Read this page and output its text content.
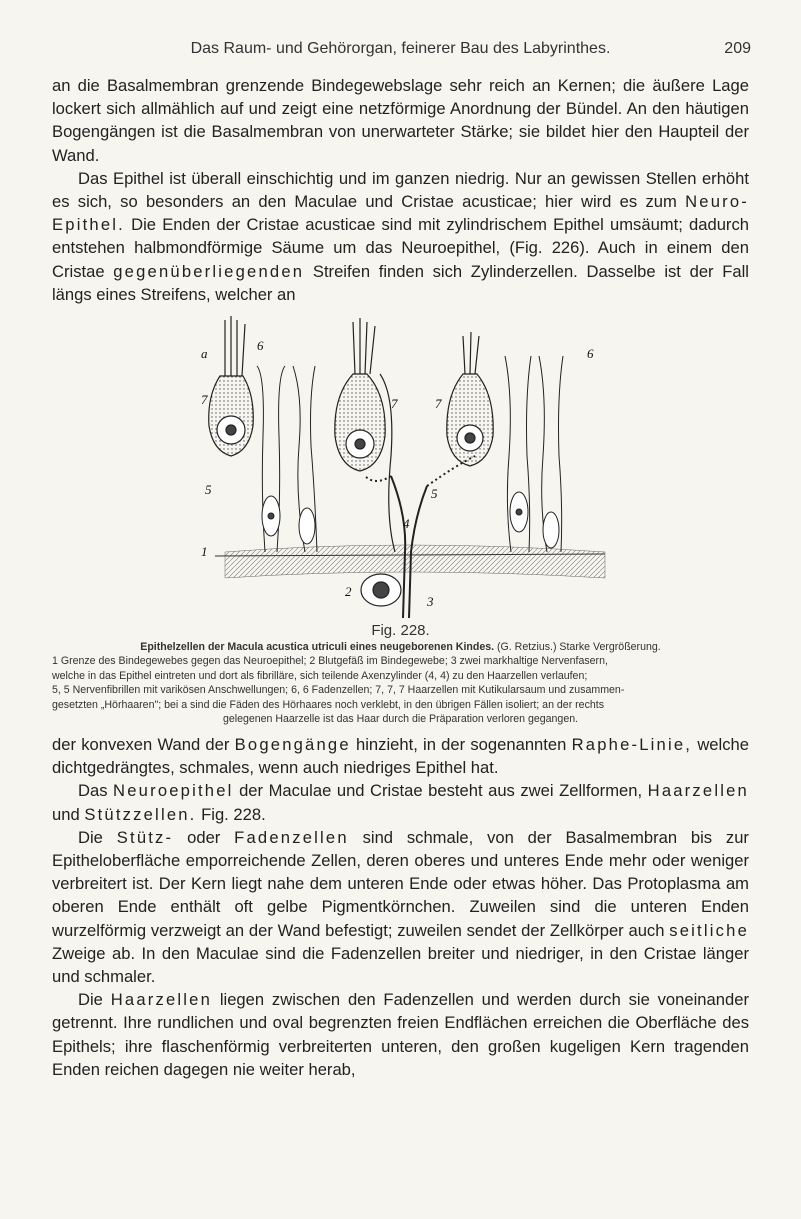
Das Raum- und Gehörorgan, feinerer Bau des Labyrinthes.	209

an die Basalmembran grenzende Bindegewebslage sehr reich an Kernen; die äußere Lage lockert sich allmählich auf und zeigt eine netzförmige Anordnung der Bündel. An den häutigen Bogengängen ist die Basalmembran von unerwarteter Stärke; sie bildet hier den Haupteil der Wand.

Das Epithel ist überall einschichtig und im ganzen niedrig. Nur an gewissen Stellen erhöht es sich, so besonders an den Maculae und Cristae acusticae; hier wird es zum Neuro-Epithel. Die Enden der Cristae acusticae sind mit zylindrischem Epithel umsäumt; dadurch entstehen halbmondförmige Säume um das Neuroepithel, (Fig. 226). Auch in einem den Cristae gegenüberliegenden Streifen finden sich Zylinderzellen. Dasselbe ist der Fall längs eines Streifens, welcher an

a
6
6
7	7	7
5	5
1
2
3
4
Fig. 228.
Epithelzellen der Macula acustica utriculi eines neugeborenen Kindes. (G. Retzius.) Starke Vergrößerung.
1 Grenze des Bindegewebes gegen das Neuroepithel; 2 Blutgefäß im Bindegewebe; 3 zwei markhaltige Nervenfasern,
welche in das Epithel eintreten und dort als fibrilläre, sich teilende Axenzylinder (4, 4) zu den Haarzellen verlaufen;
5, 5 Nervenfibrillen mit varikösen Anschwellungen; 6, 6 Fadenzellen; 7, 7, 7 Haarzellen mit Kutikularsaum und zusammen-
gesetzten „Hörhaaren"; bei a sind die Fäden des Hörhaares noch verklebt, in den übrigen Fällen isoliert; an der rechts
gelegenen Haarzelle ist das Haar durch die Präparation verloren gegangen.

der konvexen Wand der Bogengänge hinzieht, in der sogenannten Raphe-Linie, welche dichtgedrängtes, schmales, wenn auch niedriges Epithel hat.

Das Neuroepithel der Maculae und Cristae besteht aus zwei Zellformen, Haarzellen und Stützzellen. Fig. 228.

Die Stütz- oder Fadenzellen sind schmale, von der Basalmembran bis zur Epitheloberfläche emporreichende Zellen, deren oberes und unteres Ende mehr oder weniger verbreitert ist. Der Kern liegt nahe dem unteren Ende oder etwas höher. Das Protoplasma am oberen Ende enthält oft gelbe Pigmentkörnchen. Zuweilen sind die unteren Enden wurzelförmig verzweigt an der Wand befestigt; zuweilen sendet der Zellkörper auch seitliche Zweige ab. In den Maculae sind die Fadenzellen breiter und niedriger, in den Cristae länger und schmaler.

Die Haarzellen liegen zwischen den Fadenzellen und werden durch sie voneinander getrennt. Ihre rundlichen und oval begrenzten freien Endflächen erreichen die Oberfläche des Epithels; ihre flaschenförmig verbreiterten unteren, den großen kugeligen Kern tragenden Enden reichen dagegen nie weiter herab,
